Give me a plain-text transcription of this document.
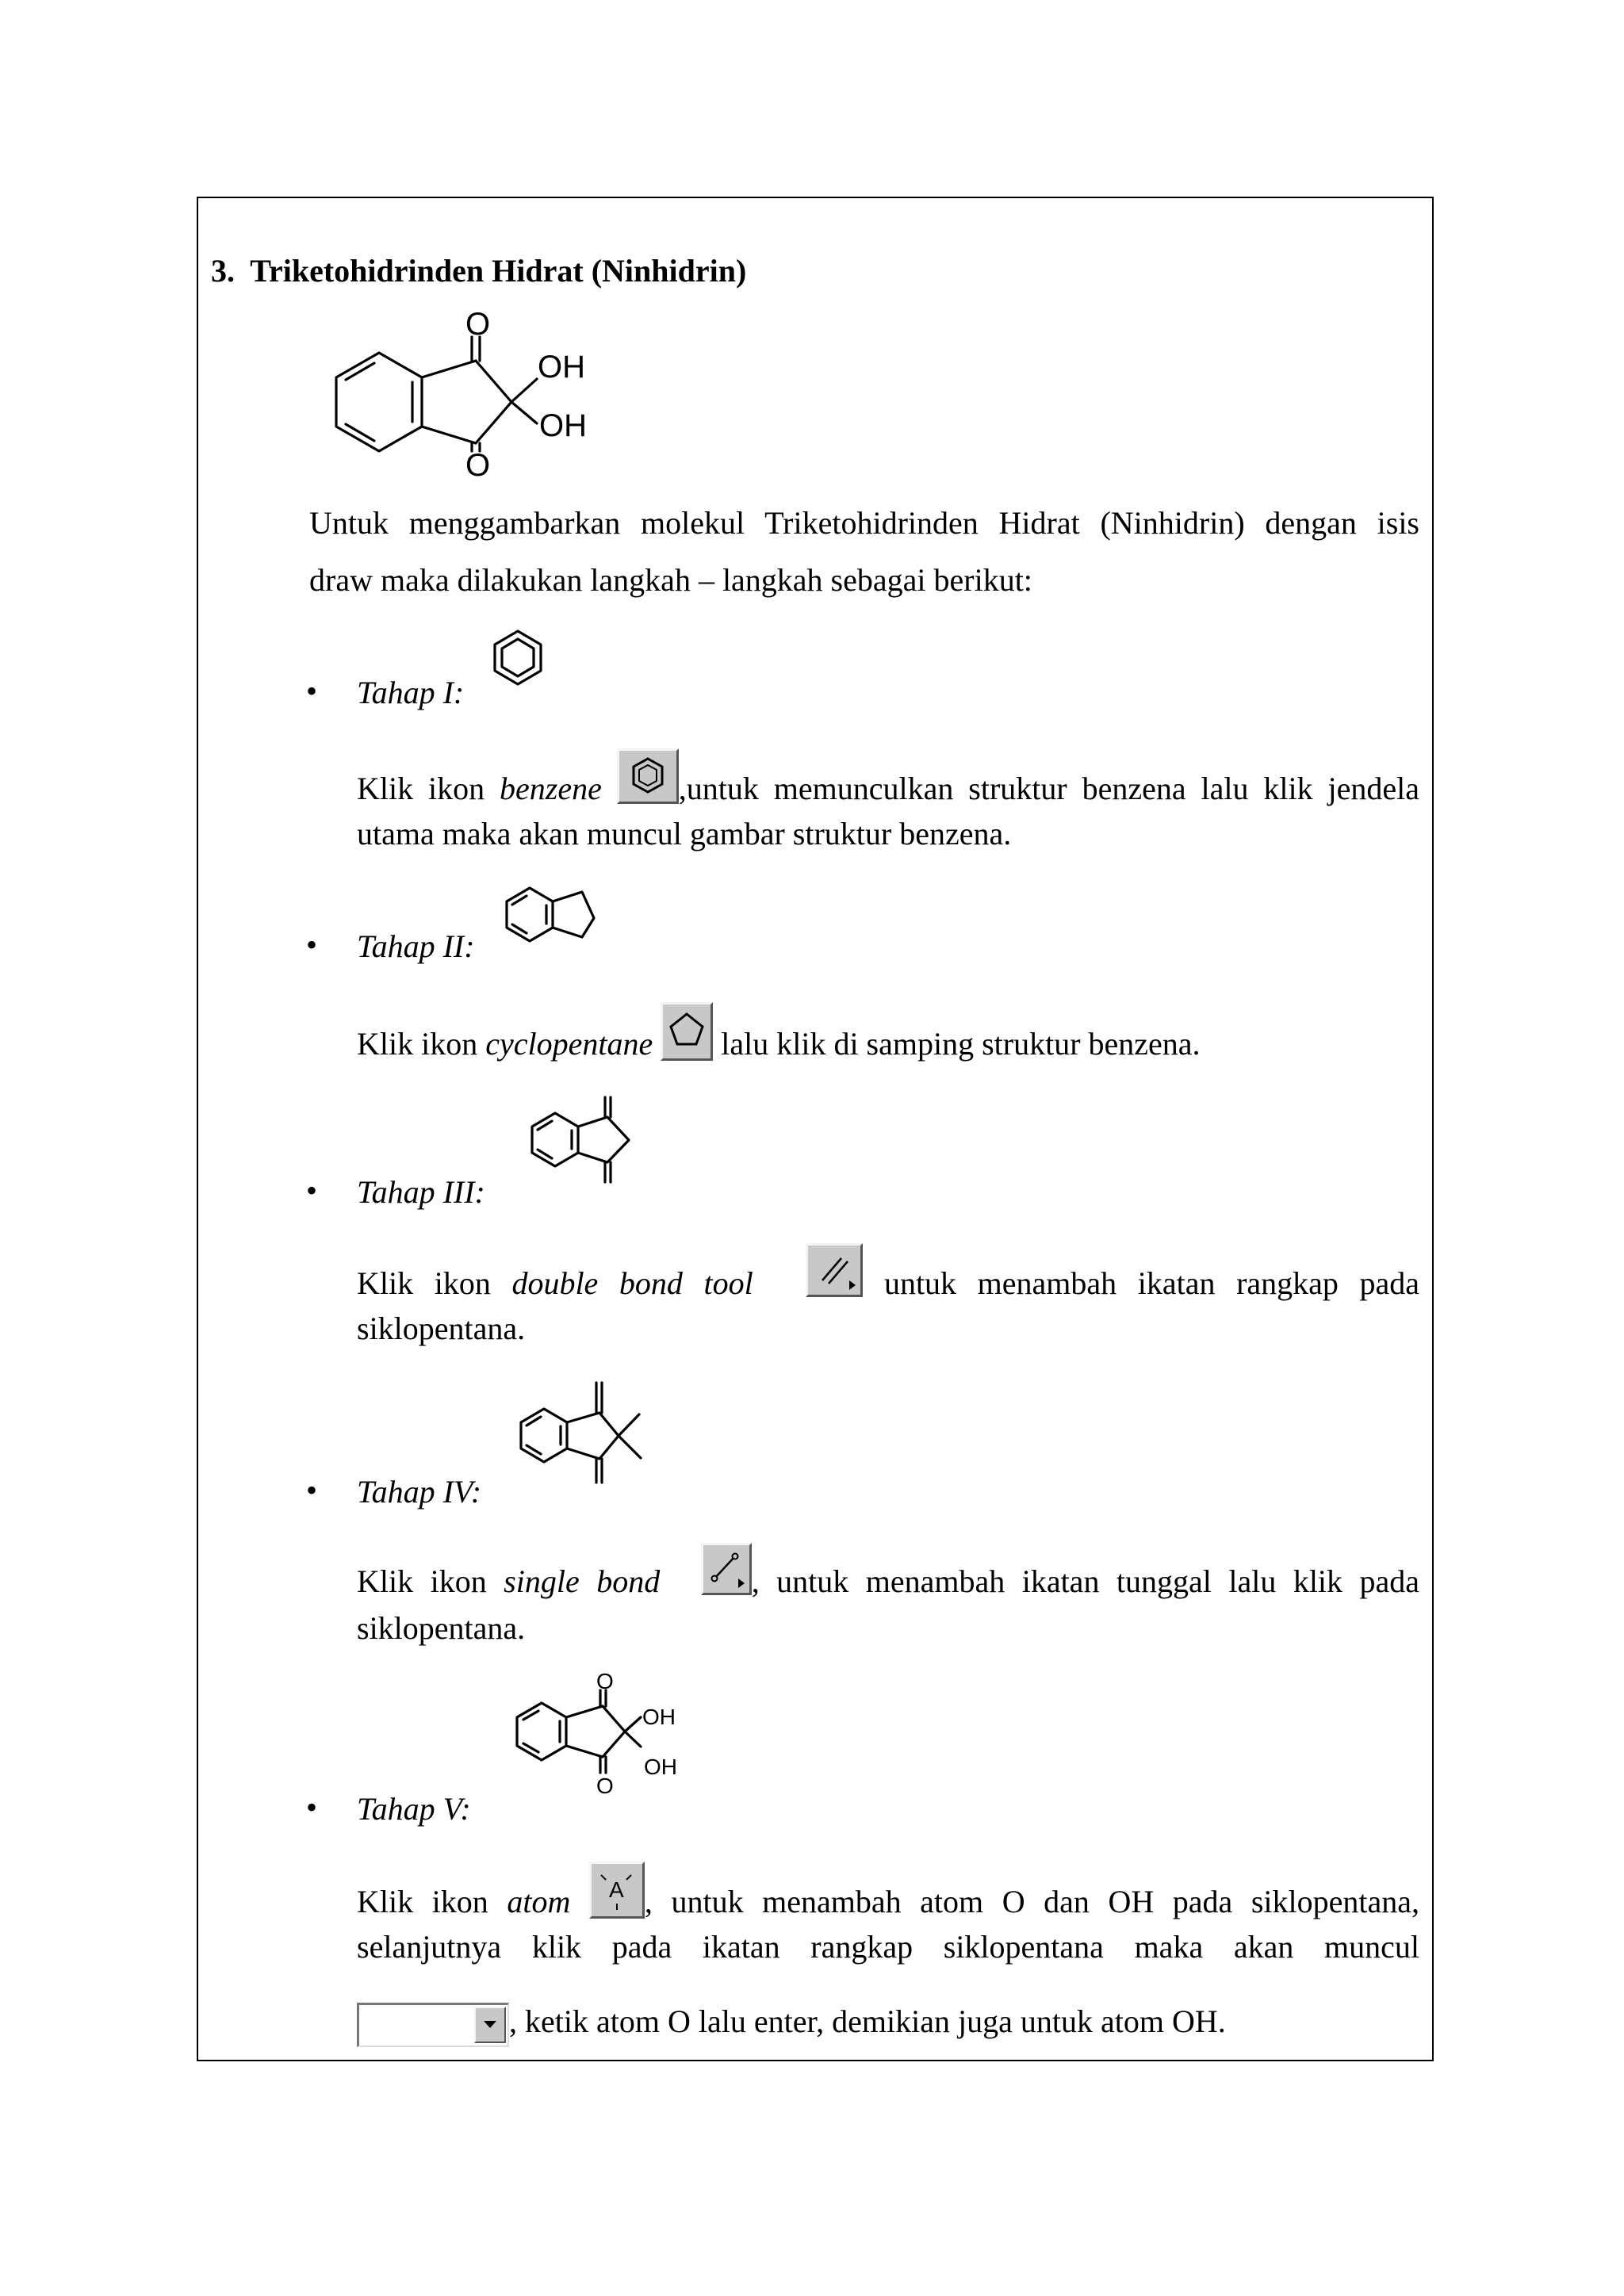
3. Triketohidrinden Hidrat (Ninhidrin)
O
O
OH
OH
Untuk menggambarkan molekul Triketohidrinden Hidrat (Ninhidrin) dengan isis
draw maka dilakukan langkah – langkah sebagai berikut:
• Tahap I:
Klik ikon benzene ,untuk memunculkan struktur benzena lalu klik jendela
utama maka akan muncul gambar struktur benzena.
• Tahap II:
Klik ikon cyclopentane
lalu klik di samping struktur benzena.
• Tahap III:
Klik ikon double bond tool	untuk menambah ikatan rangkap pada
siklopentana.
• Tahap IV:
Klik ikon single bond	, untuk menambah ikatan tunggal lalu klik pada
siklopentana.
O
O
OH
OH
• Tahap V:
Klik ikon atom A , untuk menambah atom O dan OH pada siklopentana,
selanjutnya klik pada ikatan rangkap siklopentana maka akan muncul
, ketik atom O lalu enter, demikian juga untuk atom OH.
